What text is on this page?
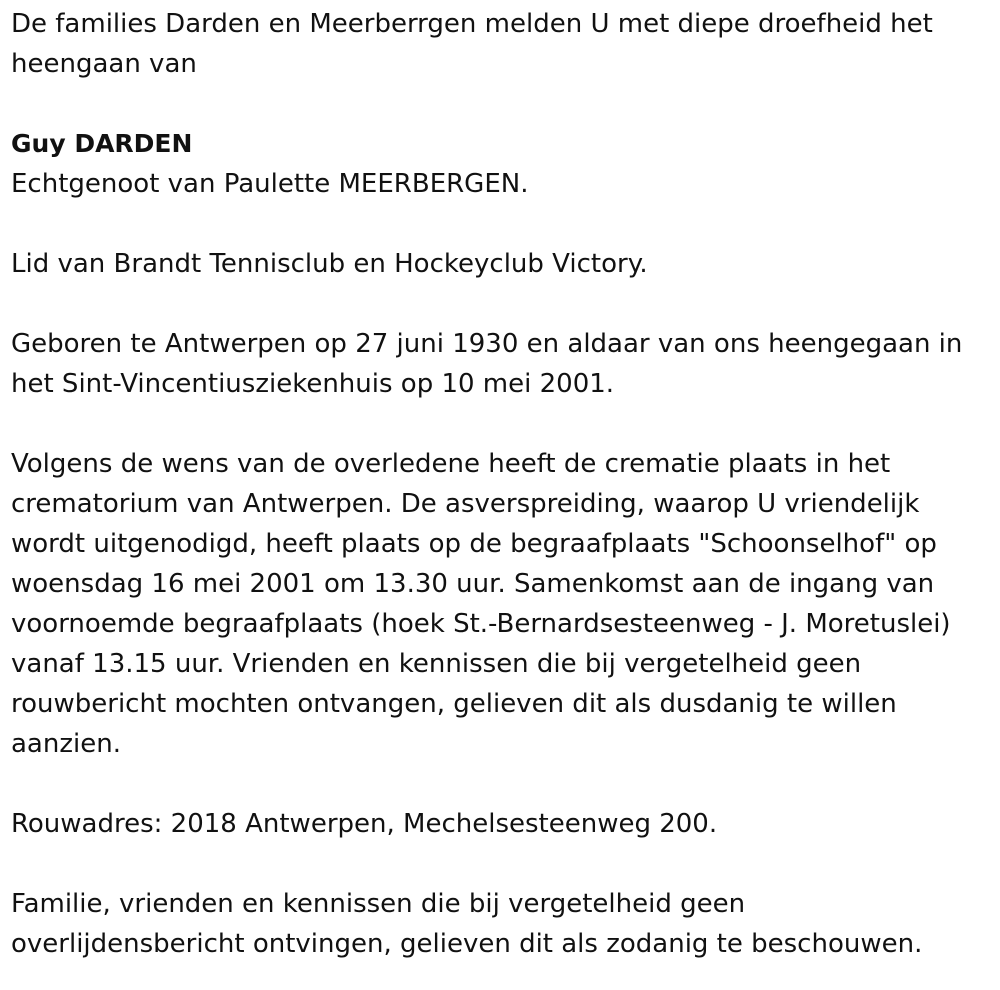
De families Darden en Meerberrgen melden U met diepe droefheid het
heengaan van

Guy DARDEN

Echtgenoot van Paulette MEERBERGEN.

Lid van Brandt Tennisclub en Hockeyclub Victory.

Geboren te Antwerpen op 27 juni 1930 en aldaar van ons heengegaan in
het Sint-Vincentiusziekenhuis op 10 mei 2001.

Volgens de wens van de overledene heeft de crematie plaats in het
crematorium van Antwerpen. De asverspreiding, waarop U vriendelijk
wordt uitgenodigd, heeft plaats op de begraafplaats "Schoonselhof" op
woensdag 16 mei 2001 om 13.30 uur. Samenkomst aan de ingang van
voornoemde begraafplaats (hoek St.-Bernardsesteenweg - J. Moretuslei)
vanaf 13.15 uur. Vrienden en kennissen die bij vergetelheid geen
rouwbericht mochten ontvangen, gelieven dit als dusdanig te willen
aanzien.

Rouwadres: 2018 Antwerpen, Mechelsesteenweg 200.

Familie, vrienden en kennissen die bij vergetelheid geen
overlijdensbericht ontvingen, gelieven dit als zodanig te beschouwen.
